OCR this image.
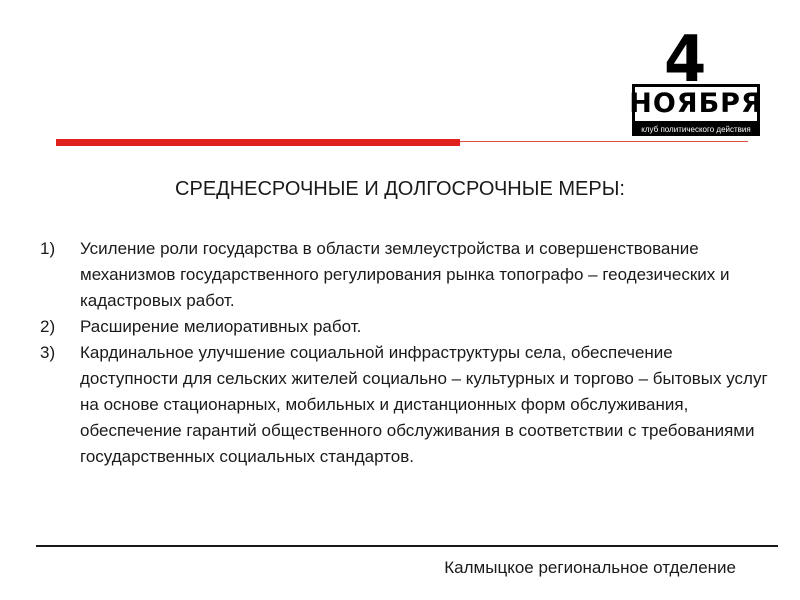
4
НОЯБРЯ
клуб политического действия
СРЕДНЕСРОЧНЫЕ И ДОЛГОСРОЧНЫЕ МЕРЫ:
1)	Усиление роли государства в области землеустройства и совершенствование механизмов государственного регулирования рынка топографо – геодезических и кадастровых работ.
2)	Расширение мелиоративных работ.
3)	Кардинальное улучшение социальной инфраструктуры села, обеспечение доступности для сельских жителей социально – культурных и торгово – бытовых услуг на основе стационарных, мобильных и дистанционных форм обслуживания, обеспечение гарантий общественного обслуживания в соответствии с требованиями государственных социальных стандартов.
Калмыцкое региональное отделение
